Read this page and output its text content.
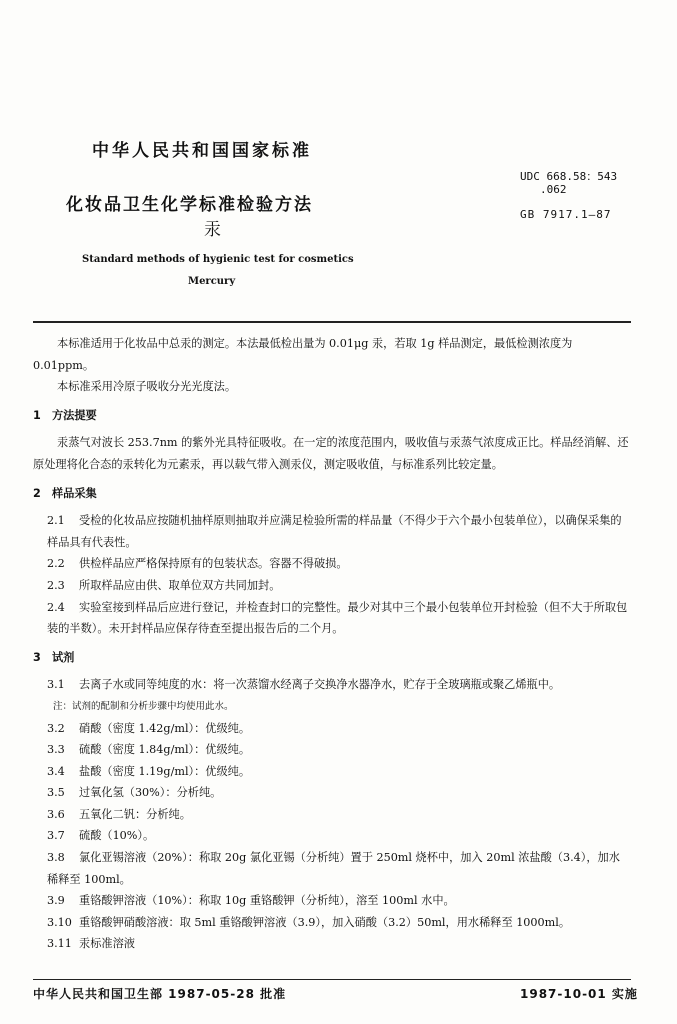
中华人民共和国国家标准
化妆品卫生化学标准检验方法
汞
Standard methods of hygienic test for cosmetics
Mercury
UDC 668.58：543
.062
GB 7917.1—87

本标准适用于化妆品中总汞的测定。本法最低检出量为 0.01μg 汞，若取 1g 样品测定，最低检测浓度为 0.01ppm。

本标准采用冷原子吸收分光光度法。

1　方法提要

汞蒸气对波长 253.7nm 的紫外光具特征吸收。在一定的浓度范围内，吸收值与汞蒸气浓度成正比。样品经消解、还原处理将化合态的汞转化为元素汞，再以载气带入测汞仪，测定吸收值，与标准系列比较定量。

2　样品采集

2.1 受检的化妆品应按随机抽样原则抽取并应满足检验所需的样品量（不得少于六个最小包装单位），以确保采集的样品具有代表性。

2.2 供检样品应严格保持原有的包装状态。容器不得破损。

2.3 所取样品应由供、取单位双方共同加封。

2.4 实验室接到样品后应进行登记，并检查封口的完整性。最少对其中三个最小包装单位开封检验（但不大于所取包装的半数）。未开封样品应保存待查至提出报告后的二个月。

3　试剂

3.1 去离子水或同等纯度的水：将一次蒸馏水经离子交换净水器净水，贮存于全玻璃瓶或聚乙烯瓶中。

注：试剂的配制和分析步骤中均使用此水。

3.2 硝酸（密度 1.42g/ml）：优级纯。

3.3 硫酸（密度 1.84g/ml）：优级纯。

3.4 盐酸（密度 1.19g/ml）：优级纯。

3.5 过氧化氢（30%）：分析纯。

3.6 五氧化二钒：分析纯。

3.7 硫酸（10%）。

3.8 氯化亚锡溶液（20%）：称取 20g 氯化亚锡（分析纯）置于 250ml 烧杯中，加入 20ml 浓盐酸（3.4），加水稀释至 100ml。

3.9 重铬酸钾溶液（10%）：称取 10g 重铬酸钾（分析纯），溶至 100ml 水中。

3.10 重铬酸钾硝酸溶液：取 5ml 重铬酸钾溶液（3.9），加入硝酸（3.2）50ml，用水稀释至 1000ml。

3.11 汞标准溶液

中华人民共和国卫生部 1987-05-28 批准	1987-10-01 实施
